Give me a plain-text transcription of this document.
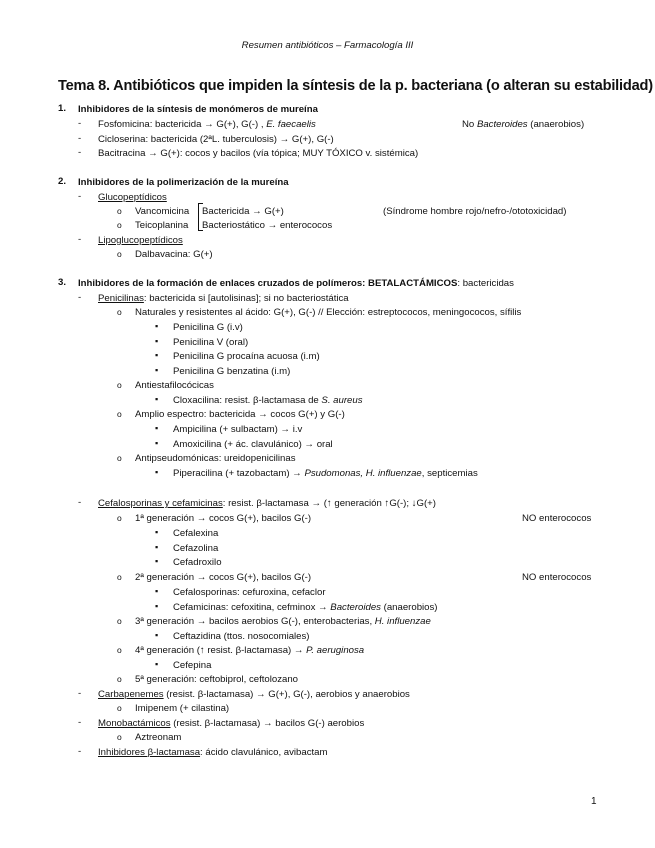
Resumen antibióticos – Farmacología III
Tema 8. Antibióticos que impiden la síntesis de la p. bacteriana (o alteran su estabilidad)
1. Inhibidores de la síntesis de monómeros de mureína
- Fosfomicina: bactericida → G(+), G(-) , E. faecaelis	No Bacteroides (anaerobios)
- Cicloserina: bactericida (2ªL. tuberculosis) → G(+), G(-)
- Bacitracina → G(+): cocos y bacilos (vía tópica; MUY TÓXICO v. sistémica)
2. Inhibidores de la polimerización de la mureína
- Glucopeptídicos
o Vancomicina Bactericida → G(+)	(Síndrome hombre rojo/nefro-/ototoxicidad)
o Teicoplanina Bacteriostático → enterococos
- Lipoglucopeptídicos
o Dalbavacina: G(+)
3. Inhibidores de la formación de enlaces cruzados de polímeros: BETALACTÁMICOS: bactericidas
- Penicilinas: bactericida si [autolisinas]; si no bacteriostática
o Naturales y resistentes al ácido: G(+), G(-) // Elección: estreptococos, meningococos, sífilis
▪ Penicilina G (i.v)
▪ Penicilina V (oral)
▪ Penicilina G procaína acuosa (i.m)
▪ Penicilina G benzatina (i.m)
o Antiestafilocócicas
▪ Cloxacilina: resist. β-lactamasa de S. aureus
o Amplio espectro: bactericida → cocos G(+) y G(-)
▪ Ampicilina (+ sulbactam) → i.v
▪ Amoxicilina (+ ác. clavulánico) → oral
o Antipseudomónicas: ureidopenicilinas
▪ Piperacilina (+ tazobactam) → Psudomonas, H. influenzae, septicemias
- Cefalosporinas y cefamicinas: resist. β-lactamasa → (↑ generación ↑G(-); ↓G(+)
o 1ª generación → cocos G(+), bacilos G(-)	NO enterococos
▪ Cefalexina
▪ Cefazolina
▪ Cefadroxilo
o 2ª generación → cocos G(+), bacilos G(-)	NO enterococos
▪ Cefalosporinas: cefuroxina, cefaclor
▪ Cefamicinas: cefoxitina, cefminox → Bacteroides (anaerobios)
o 3ª generación → bacilos aerobios G(-), enterobacterias, H. influenzae
▪ Ceftazidina (ttos. nosocomiales)
o 4ª generación (↑ resist. β-lactamasa) → P. aeruginosa
▪ Cefepina
o 5ª generación: ceftobiprol, ceftolozano
- Carbapenemes (resist. β-lactamasa) → G(+), G(-), aerobios y anaerobios
o Imipenem (+ cilastina)
- Monobactámicos (resist. β-lactamasa) → bacilos G(-) aerobios
o Aztreonam
- Inhibidores β-lactamasa: ácido clavulánico, avibactam
1
